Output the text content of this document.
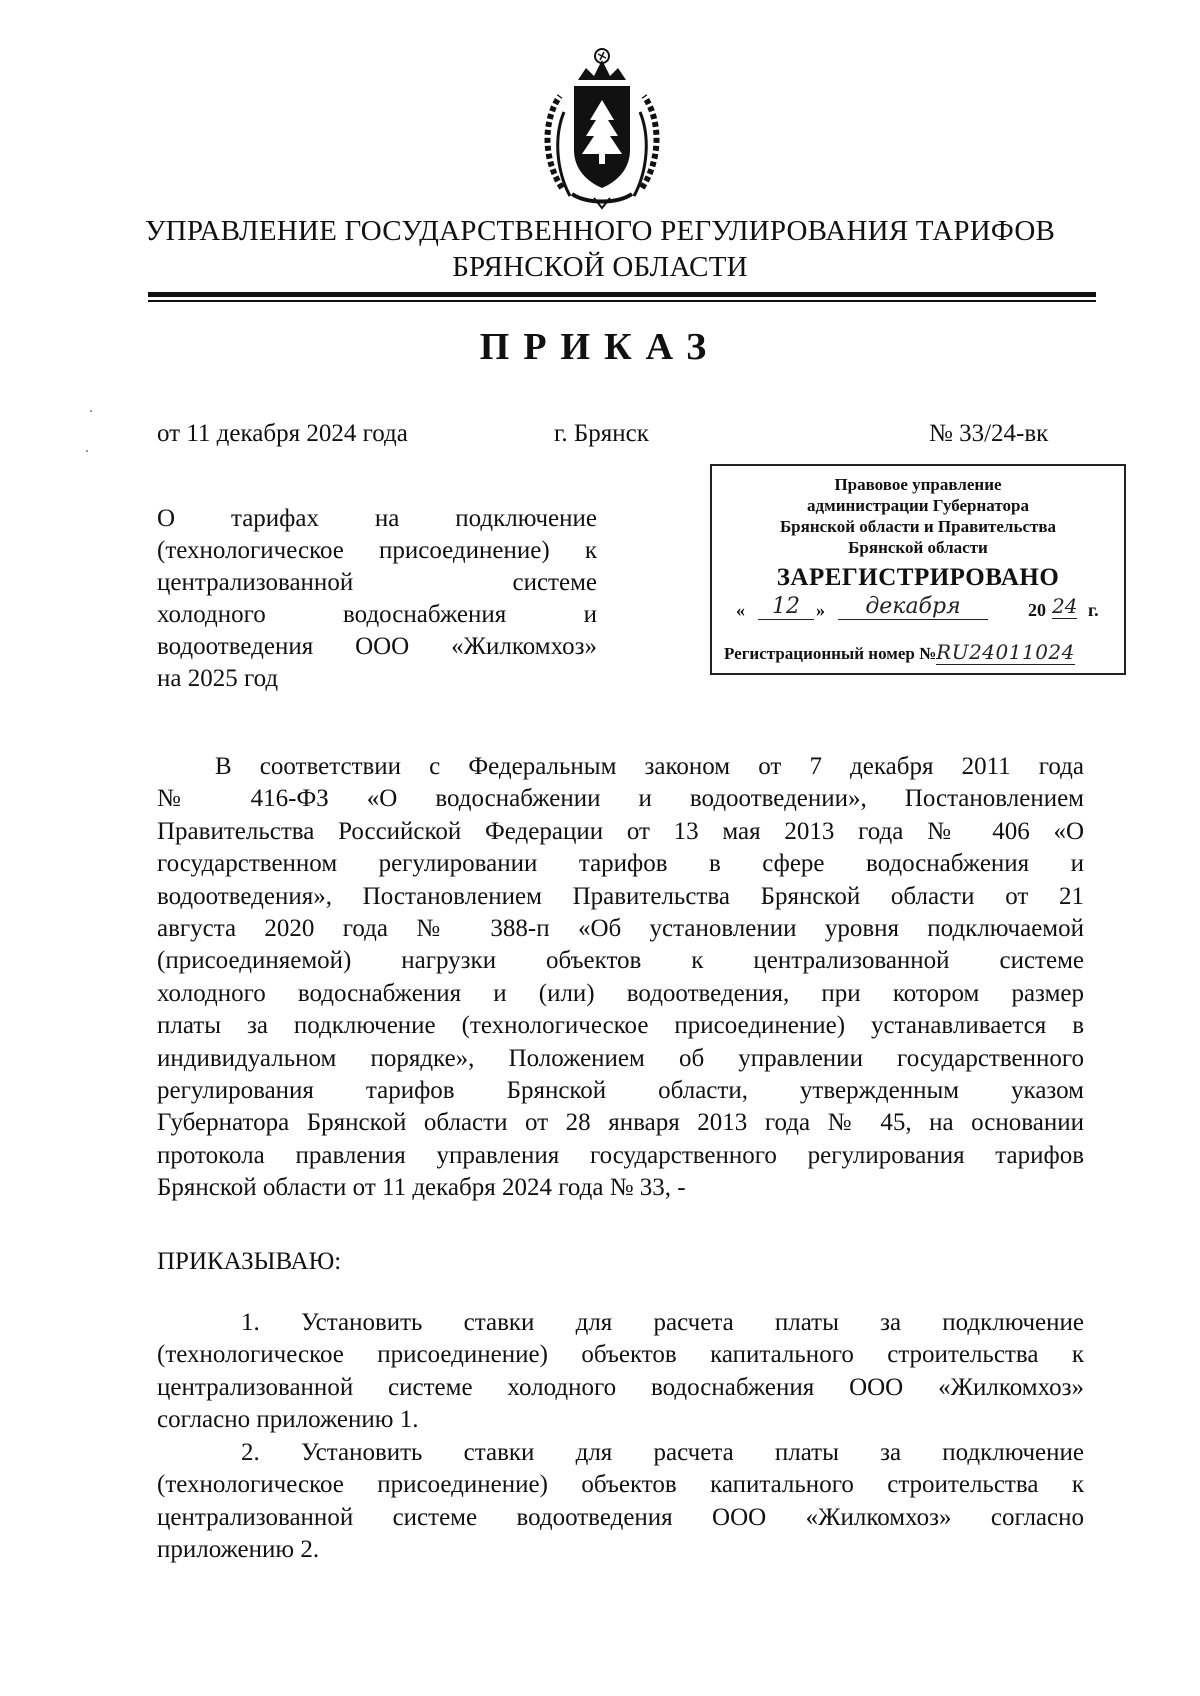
УПРАВЛЕНИЕ ГОСУДАРСТВЕННОГО РЕГУЛИРОВАНИЯ ТАРИФОВ
БРЯНСКОЙ ОБЛАСТИ
ПРИКАЗ
от 11 декабря 2024 года	г. Брянск	№ 33/24-вк
О тарифах на подключение
(технологическое присоединение) к
централизованной системе
холодного водоснабжения и
водоотведения ООО «Жилкомхоз»
на 2025 год
Правовое управление
администрации Губернатора
Брянской области и Правительства
Брянской области
ЗАРЕГИСТРИРОВАНО
«	12 »	декабря	20 24 г.
Регистрационный номер №RU24011024
В соответствии с Федеральным законом от 7 декабря 2011 года
№ 416-ФЗ «О водоснабжении и водоотведении», Постановлением
Правительства Российской Федерации от 13 мая 2013 года № 406 «О
государственном регулировании тарифов в сфере водоснабжения и
водоотведения», Постановлением Правительства Брянской области от 21
августа 2020 года № 388-п «Об установлении уровня подключаемой
(присоединяемой) нагрузки объектов к централизованной системе
холодного водоснабжения и (или) водоотведения, при котором размер
платы за подключение (технологическое присоединение) устанавливается в
индивидуальном порядке», Положением об управлении государственного
регулирования тарифов Брянской области, утвержденным указом
Губернатора Брянской области от 28 января 2013 года № 45, на основании
протокола правления управления государственного регулирования тарифов
Брянской области от 11 декабря 2024 года № 33, -
ПРИКАЗЫВАЮ:
1. Установить ставки для расчета платы за подключение
(технологическое присоединение) объектов капитального строительства к
централизованной системе холодного водоснабжения ООО «Жилкомхоз»
согласно приложению 1.
2. Установить ставки для расчета платы за подключение
(технологическое присоединение) объектов капитального строительства к
централизованной системе водоотведения ООО «Жилкомхоз» согласно
приложению 2.
